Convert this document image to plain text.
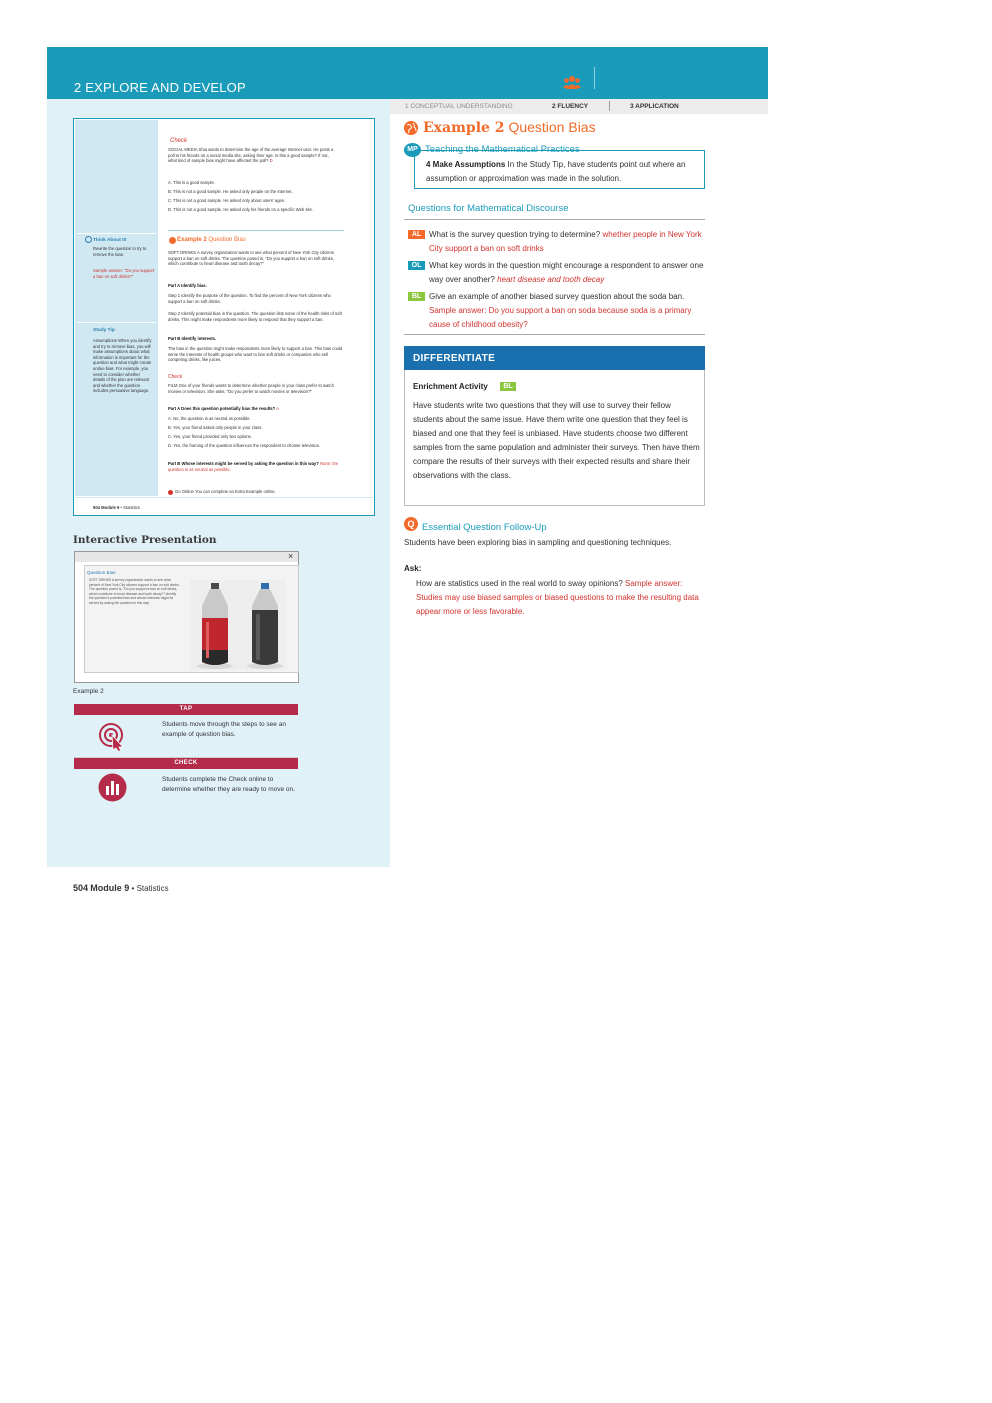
2 EXPLORE AND DEVELOP
1 CONCEPTUAL UNDERSTANDING	2 FLUENCY	3 APPLICATION
Think About It!
Rewrite the question to try to remove the bias.
Sample answer: "Do you support a ban on soft drinks?"
Study Tip
Assumptions When you identify and try to remove bias, you will make assumptions about what information is important for the question and what might create undue bias. For example, you need to consider whether details of the plan are relevant and whether the question includes persuasive language.
Check
SOCIAL MEDIA Shia wants to determine the age of the average Internet user. He posts a poll to his friends on a social media site, asking their age. Is this a good sample? If not, what kind of sample bias might have affected the poll? D
A. This is a good sample.
B. This is not a good sample. He asked only people on the Internet.
C. This is not a good sample. He asked only about users' ages.
D. This is not a good sample. He asked only his friends on a specific Web site.
Example 2 Question Bias
SOFT DRINKS A survey organization wants to see what percent of New York City citizens support a ban on soft drinks. The question posed is, "Do you support a ban on soft drinks, which contribute to heart disease and tooth decay?"
Part A Identify bias.
Step 1 Identify the purpose of the question. To find the percent of New York citizens who support a ban on soft drinks.
Step 2 Identify potential bias in the question. The question lists some of the health risks of soft drinks. This might make respondents more likely to respond that they support a ban.
Part B Identify interests.
The bias in the question might make respondents more likely to support a ban. This bias could serve the interests of health groups who want to ban soft drinks or companies who sell competing drinks, like juices.
Check
FILM One of your friends wants to determine whether people in your class prefer to watch movies or television. She asks, "Do you prefer to watch movies or television?"
Part A Does this question potentially bias the results? A
A. No, the question is as neutral as possible.
B. Yes, your friend asked only people in your class.
C. Yes, your friend provided only two options.
D. Yes, the framing of the question influences the respondent to choose television.
Part B Whose interests might be served by asking the question in this way? None; the question is as neutral as possible.
Go Online You can complete an Extra Example online.
504 Module 9 • Statistics
Interactive Presentation
×
Question Bias
SOFT DRINKS A survey organization wants to see what percent of New York City citizens support a ban on soft drinks. The question posed is, "Do you support a ban on soft drinks, which contribute to heart disease and tooth decay?" Identify the question's potential bias and whose interests might be served by asking the question in this way.
Example 2
TAP
Students move through the steps to see an example of question bias.
CHECK
Students complete the Check online to determine whether they are ready to move on.
504 Module 9 • Statistics
Example 2 Question Bias
MP Teaching the Mathematical Practices
4 Make Assumptions In the Study Tip, have students point out where an assumption or approximation was made in the solution.
Questions for Mathematical Discourse
AL What is the survey question trying to determine? whether people in New York City support a ban on soft drinks
OL What key words in the question might encourage a respondent to answer one way over another? heart disease and tooth decay
BL Give an example of another biased survey question about the soda ban. Sample answer: Do you support a ban on soda because soda is a primary cause of childhood obesity?
DIFFERENTIATE
Enrichment Activity	BL
Have students write two questions that they will use to survey their fellow students about the same issue. Have them write one question that they feel is biased and one that they feel is unbiased. Have students choose two different samples from the same population and administer their surveys. Then have them compare the results of their surveys with their expected results and share their observations with the class.
Q Essential Question Follow-Up
Students have been exploring bias in sampling and questioning techniques.
Ask:
How are statistics used in the real world to sway opinions? Sample answer: Studies may use biased samples or biased questions to make the resulting data appear more or less favorable.
